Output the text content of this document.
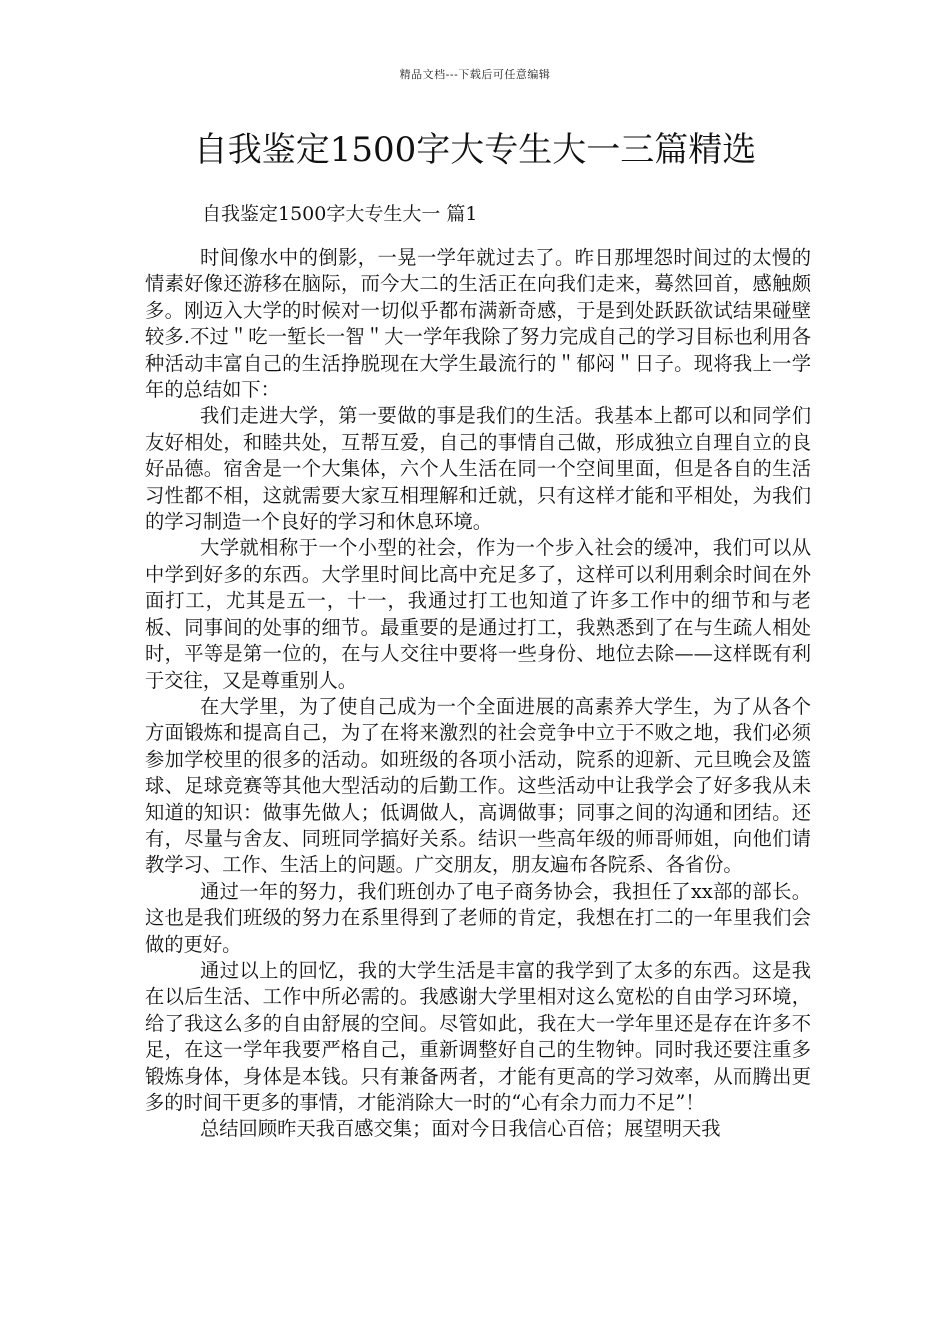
精品文档---下载后可任意编辑
自我鉴定1500字大专生大一三篇精选
自我鉴定1500字大专生大一 篇1

时间像水中的倒影，一晃一学年就过去了。昨日那埋怨时间过的太慢的情素好像还游移在脑际，而今大二的生活正在向我们走来，蓦然回首，感触颇多。刚迈入大学的时候对一切似乎都布满新奇感，于是到处跃跃欲试结果碰壁较多.不过＂吃一堑长一智＂大一学年我除了努力完成自己的学习目标也利用各种活动丰富自己的生活挣脱现在大学生最流行的＂郁闷＂日子。现将我上一学年的总结如下：

我们走进大学，第一要做的事是我们的生活。我基本上都可以和同学们友好相处，和睦共处，互帮互爱，自己的事情自己做，形成独立自理自立的良好品德。宿舍是一个大集体，六个人生活在同一个空间里面，但是各自的生活习性都不相，这就需要大家互相理解和迁就，只有这样才能和平相处，为我们的学习制造一个良好的学习和休息环境。

大学就相称于一个小型的社会，作为一个步入社会的缓冲，我们可以从中学到好多的东西。大学里时间比高中充足多了，这样可以利用剩余时间在外面打工，尤其是五一，十一，我通过打工也知道了许多工作中的细节和与老板、同事间的处事的细节。最重要的是通过打工，我熟悉到了在与生疏人相处时，平等是第一位的，在与人交往中要将一些身份、地位去除——这样既有利于交往，又是尊重别人。

在大学里，为了使自己成为一个全面进展的高素养大学生，为了从各个方面锻炼和提高自己，为了在将来激烈的社会竞争中立于不败之地，我们必须参加学校里的很多的活动。如班级的各项小活动，院系的迎新、元旦晚会及篮球、足球竞赛等其他大型活动的后勤工作。这些活动中让我学会了好多我从未知道的知识：做事先做人；低调做人，高调做事；同事之间的沟通和团结。还有，尽量与舍友、同班同学搞好关系。结识一些高年级的师哥师姐，向他们请教学习、工作、生活上的问题。广交朋友，朋友遍布各院系、各省份。

通过一年的努力，我们班创办了电子商务协会，我担任了xx部的部长。这也是我们班级的努力在系里得到了老师的肯定，我想在打二的一年里我们会做的更好。

通过以上的回忆，我的大学生活是丰富的我学到了太多的东西。这是我在以后生活、工作中所必需的。我感谢大学里相对这么宽松的自由学习环境，给了我这么多的自由舒展的空间。尽管如此，我在大一学年里还是存在许多不足，在这一学年我要严格自己，重新调整好自己的生物钟。同时我还要注重多锻炼身体，身体是本钱。只有兼备两者，才能有更高的学习效率，从而腾出更多的时间干更多的事情，才能消除大一时的“心有余力而力不足”！

总结回顾昨天我百感交集；面对今日我信心百倍；展望明天我
